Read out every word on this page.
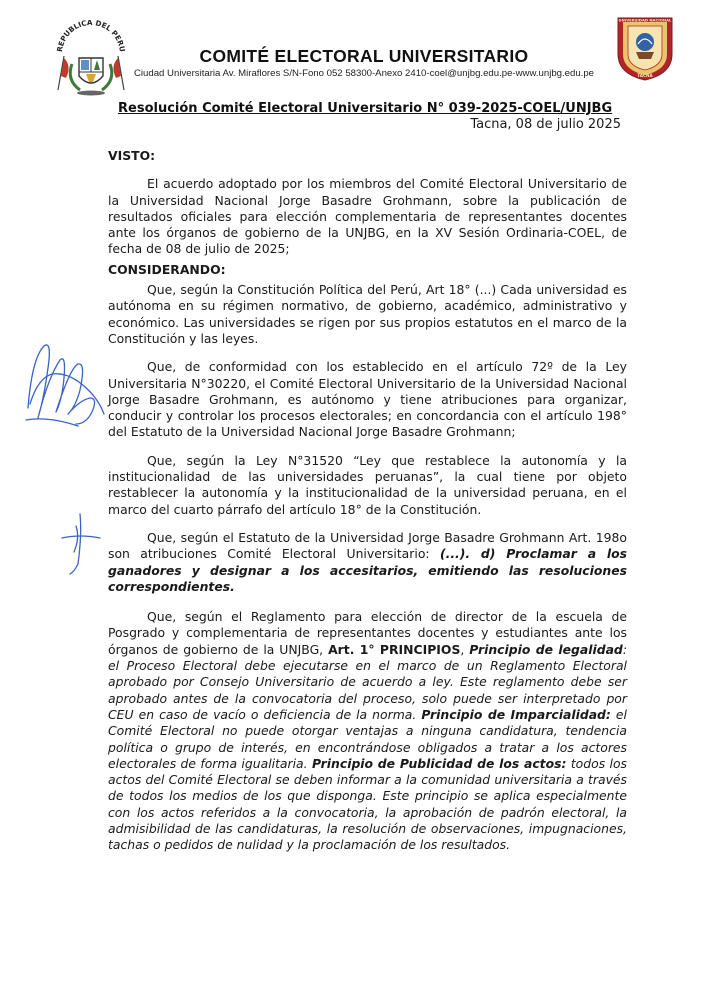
REPUBLICA DEL PERU
UNIVERSIDAD NACIONAL
TACNA
COMITÉ ELECTORAL UNIVERSITARIO
Ciudad Universitaria Av. Miraflores S/N-Fono 052 58300-Anexo 2410-coel@unjbg.edu.pe-www.unjbg.edu.pe
Resolución Comité Electoral Universitario N° 039-2025-COEL/UNJBG
Tacna, 08 de julio 2025

VISTO:

El acuerdo adoptado por los miembros del Comité Electoral Universitario de la Universidad Nacional Jorge Basadre Grohmann, sobre la publicación de resultados oficiales para elección complementaria de representantes docentes ante los órganos de gobierno de la UNJBG, en la XV Sesión Ordinaria-COEL, de fecha de 08 de julio de 2025;

CONSIDERANDO:

Que, según la Constitución Política del Perú, Art 18° (...) Cada universidad es autónoma en su régimen normativo, de gobierno, académico, administrativo y económico. Las universidades se rigen por sus propios estatutos en el marco de la Constitución y las leyes.

Que, de conformidad con los establecido en el artículo 72º de la Ley Universitaria N°30220, el Comité Electoral Universitario de la Universidad Nacional Jorge Basadre Grohmann, es autónomo y tiene atribuciones para organizar, conducir y controlar los procesos electorales; en concordancia con el artículo 198° del Estatuto de la Universidad Nacional Jorge Basadre Grohmann;

Que, según la Ley N°31520 “Ley que restablece la autonomía y la institucionalidad de las universidades peruanas”, la cual tiene por objeto restablecer la autonomía y la institucionalidad de la universidad peruana, en el marco del cuarto párrafo del artículo 18° de la Constitución.

Que, según el Estatuto de la Universidad Jorge Basadre Grohmann Art. 198o son atribuciones Comité Electoral Universitario: (...). d) Proclamar a los ganadores y designar a los accesitarios, emitiendo las resoluciones correspondientes.

Que, según el Reglamento para elección de director de la escuela de Posgrado y complementaria de representantes docentes y estudiantes ante los órganos de gobierno de la UNJBG, Art. 1° PRINCIPIOS, Principio de legalidad: el Proceso Electoral debe ejecutarse en el marco de un Reglamento Electoral aprobado por Consejo Universitario de acuerdo a ley. Este reglamento debe ser aprobado antes de la convocatoria del proceso, solo puede ser interpretado por CEU en caso de vacío o deficiencia de la norma. Principio de Imparcialidad: el Comité Electoral no puede otorgar ventajas a ninguna candidatura, tendencia política o grupo de interés, en encontrándose obligados a tratar a los actores electorales de forma igualitaria. Principio de Publicidad de los actos: todos los actos del Comité Electoral se deben informar a la comunidad universitaria a través de todos los medios de los que disponga. Este principio se aplica especialmente con los actos referidos a la convocatoria, la aprobación de padrón electoral, la admisibilidad de las candidaturas, la resolución de observaciones, impugnaciones, tachas o pedidos de nulidad y la proclamación de los resultados.
